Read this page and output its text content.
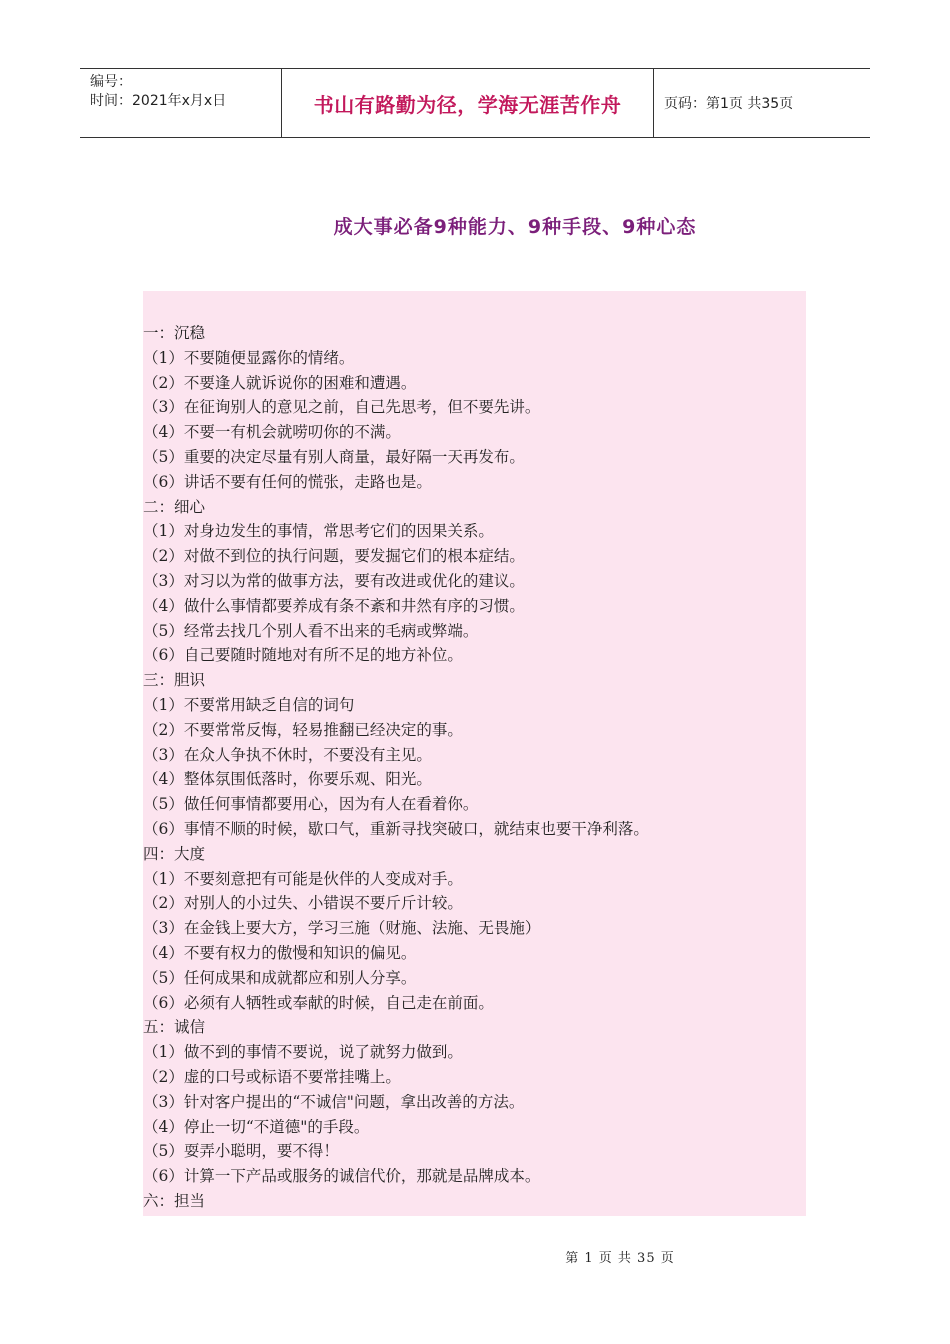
编号：
时间：2021年x月x日	书山有路勤为径，学海无涯苦作舟	页码：第1页 共35页
成大事必备9种能力、9种手段、9种心态
一：沉稳
（1）不要随便显露你的情绪。
（2）不要逢人就诉说你的困难和遭遇。
（3）在征询别人的意见之前，自己先思考，但不要先讲。
（4）不要一有机会就唠叨你的不满。
（5）重要的决定尽量有别人商量，最好隔一天再发布。
（6）讲话不要有任何的慌张，走路也是。
二：细心
（1）对身边发生的事情，常思考它们的因果关系。
（2）对做不到位的执行问题，要发掘它们的根本症结。
（3）对习以为常的做事方法，要有改进或优化的建议。
（4）做什么事情都要养成有条不紊和井然有序的习惯。
（5）经常去找几个别人看不出来的毛病或弊端。
（6）自己要随时随地对有所不足的地方补位。
三：胆识
（1）不要常用缺乏自信的词句
（2）不要常常反悔，轻易推翻已经决定的事。
（3）在众人争执不休时，不要没有主见。
（4）整体氛围低落时，你要乐观、阳光。
（5）做任何事情都要用心，因为有人在看着你。
（6）事情不顺的时候，歇口气，重新寻找突破口，就结束也要干净利落。
四：大度
（1）不要刻意把有可能是伙伴的人变成对手。
（2）对别人的小过失、小错误不要斤斤计较。
（3）在金钱上要大方，学习三施（财施、法施、无畏施）
（4）不要有权力的傲慢和知识的偏见。
（5）任何成果和成就都应和别人分享。
（6）必须有人牺牲或奉献的时候，自己走在前面。
五：诚信
（1）做不到的事情不要说，说了就努力做到。
（2）虚的口号或标语不要常挂嘴上。
（3）针对客户提出的“不诚信"问题，拿出改善的方法。
（4）停止一切“不道德"的手段。
（5）耍弄小聪明，要不得！
（6）计算一下产品或服务的诚信代价，那就是品牌成本。
六：担当
第 1 页 共 35 页
